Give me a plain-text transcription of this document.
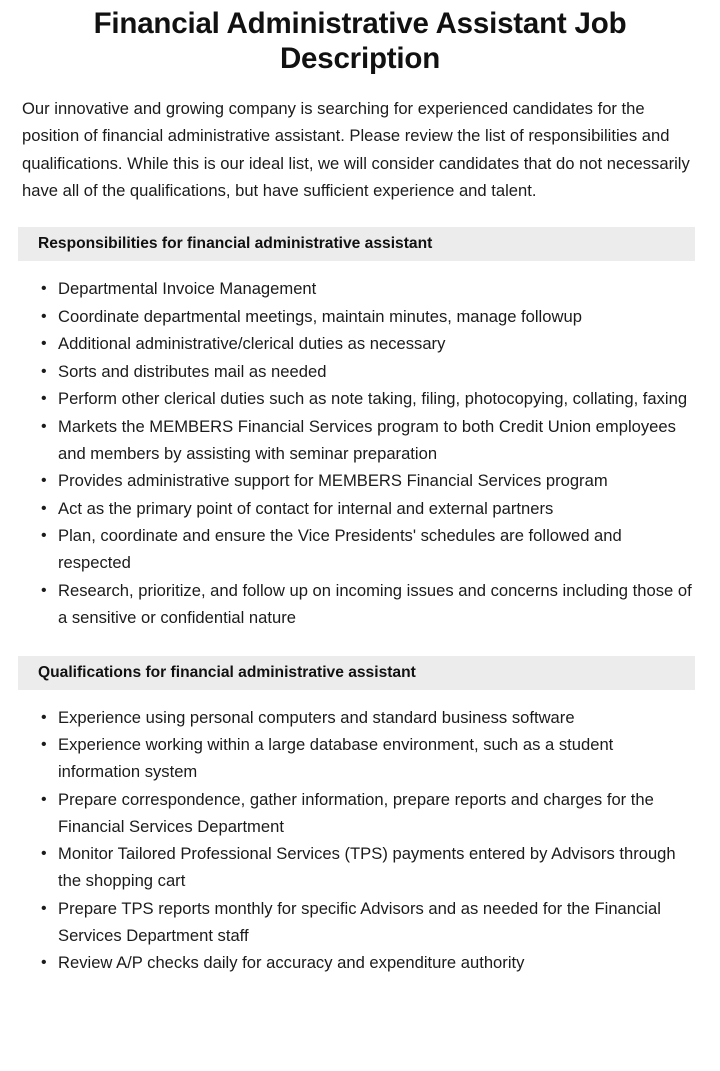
Financial Administrative Assistant Job Description

Our innovative and growing company is searching for experienced candidates for the position of financial administrative assistant. Please review the list of responsibilities and qualifications. While this is our ideal list, we will consider candidates that do not necessarily have all of the qualifications, but have sufficient experience and talent.

Responsibilities for financial administrative assistant
• Departmental Invoice Management
• Coordinate departmental meetings, maintain minutes, manage followup
• Additional administrative/clerical duties as necessary
• Sorts and distributes mail as needed
• Perform other clerical duties such as note taking, filing, photocopying, collating, faxing
• Markets the MEMBERS Financial Services program to both Credit Union employees and members by assisting with seminar preparation
• Provides administrative support for MEMBERS Financial Services program
• Act as the primary point of contact for internal and external partners
• Plan, coordinate and ensure the Vice Presidents' schedules are followed and respected
• Research, prioritize, and follow up on incoming issues and concerns including those of a sensitive or confidential nature
Qualifications for financial administrative assistant
• Experience using personal computers and standard business software
• Experience working within a large database environment, such as a student information system
• Prepare correspondence, gather information, prepare reports and charges for the Financial Services Department
• Monitor Tailored Professional Services (TPS) payments entered by Advisors through the shopping cart
• Prepare TPS reports monthly for specific Advisors and as needed for the Financial Services Department staff
• Review A/P checks daily for accuracy and expenditure authority
